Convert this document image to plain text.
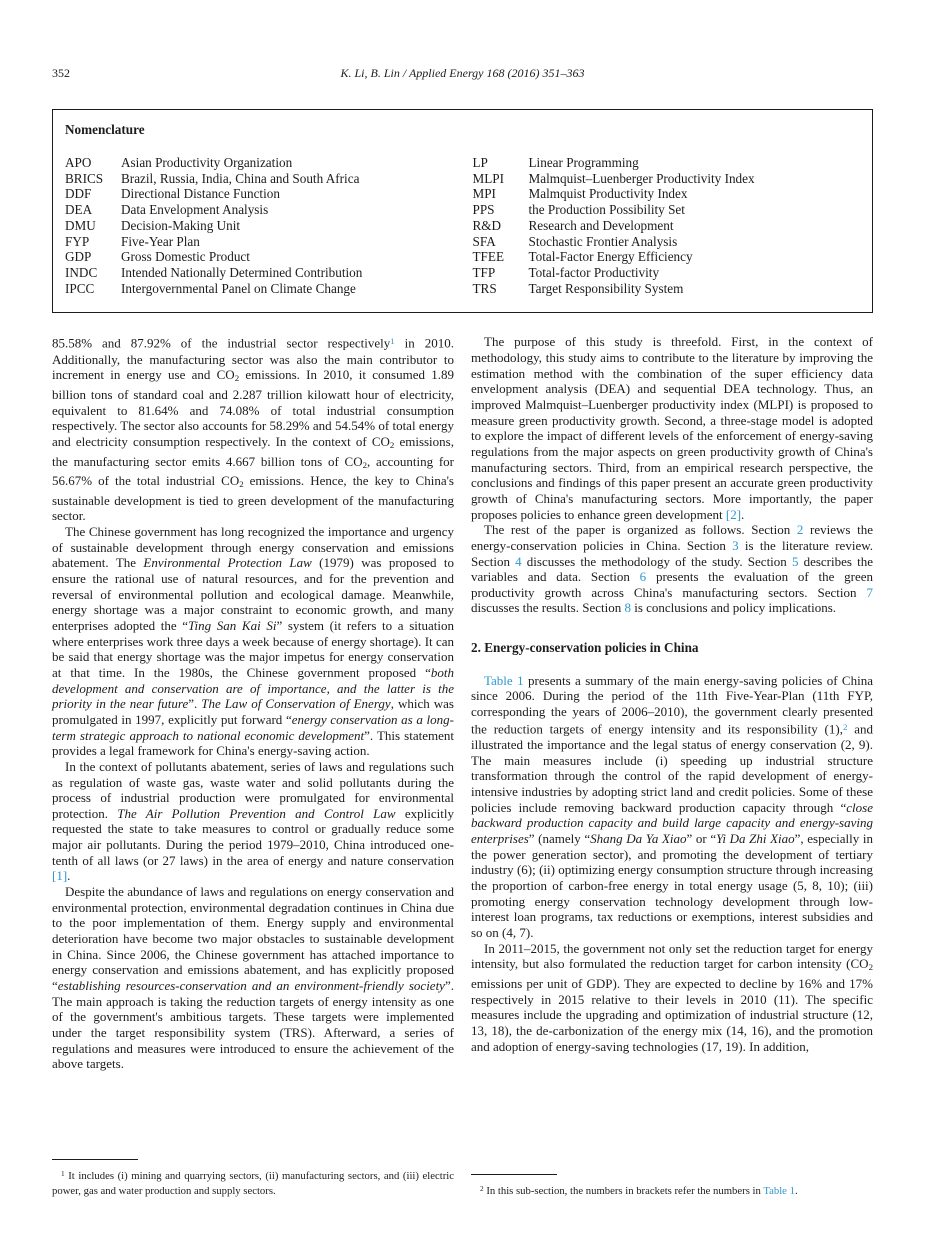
352	K. Li, B. Lin / Applied Energy 168 (2016) 351–363
Nomenclature
APO	Asian Productivity Organization
BRICS	Brazil, Russia, India, China and South Africa
DDF	Directional Distance Function
DEA	Data Envelopment Analysis
DMU	Decision-Making Unit
FYP	Five-Year Plan
GDP	Gross Domestic Product
INDC	Intended Nationally Determined Contribution
IPCC	Intergovernmental Panel on Climate Change
LP	Linear Programming
MLPI	Malmquist–Luenberger Productivity Index
MPI	Malmquist Productivity Index
PPS	the Production Possibility Set
R&D	Research and Development
SFA	Stochastic Frontier Analysis
TFEE	Total-Factor Energy Efficiency
TFP	Total-factor Productivity
TRS	Target Responsibility System

85.58% and 87.92% of the industrial sector respectively$^1$ in 2010. Additionally, the manufacturing sector was also the main contributor to increment in energy use and CO2 emissions. In 2010, it consumed 1.89 billion tons of standard coal and 2.287 trillion kilowatt hour of electricity, equivalent to 81.64% and 74.08% of total industrial consumption respectively. The sector also accounts for 58.29% and 54.54% of total energy and electricity consumption respectively. In the context of CO2 emissions, the manufacturing sector emits 4.667 billion tons of CO2, accounting for 56.67% of the total industrial CO2 emissions. Hence, the key to China's sustainable development is tied to green development of the manufacturing sector.

The Chinese government has long recognized the importance and urgency of sustainable development through energy conservation and emissions abatement. The Environmental Protection Law (1979) was proposed to ensure the rational use of natural resources, and for the prevention and reversal of environmental pollution and ecological damage. Meanwhile, energy shortage was a major constraint to economic growth, and many enterprises adopted the “Ting San Kai Si” system (it refers to a situation where enterprises work three days a week because of energy shortage). It can be said that energy shortage was the major impetus for energy conservation at that time. In the 1980s, the Chinese government proposed “both development and conservation are of importance, and the latter is the priority in the near future”. The Law of Conservation of Energy, which was promulgated in 1997, explicitly put forward “energy conservation as a long-term strategic approach to national economic development”. This statement provides a legal framework for China's energy-saving action.

In the context of pollutants abatement, series of laws and regulations such as regulation of waste gas, waste water and solid pollutants during the process of industrial production were promulgated for environmental protection. The Air Pollution Prevention and Control Law explicitly requested the state to take measures to control or gradually reduce some major air pollutants. During the period 1979–2010, China introduced one-tenth of all laws (or 27 laws) in the area of energy and nature conservation [1].

Despite the abundance of laws and regulations on energy conservation and environmental protection, environmental degradation continues in China due to the poor implementation of them. Energy supply and environmental deterioration have become two major obstacles to sustainable development in China. Since 2006, the Chinese government has attached importance to energy conservation and emissions abatement, and has explicitly proposed “establishing resources-conservation and an environment-friendly society”. The main approach is taking the reduction targets of energy intensity as one of the government's ambitious targets. These targets were implemented under the target responsibility system (TRS). Afterward, a series of regulations and measures were introduced to ensure the achievement of the above targets.

$^1$ It includes (i) mining and quarrying sectors, (ii) manufacturing sectors, and (iii) electric power, gas and water production and supply sectors.

The purpose of this study is threefold. First, in the context of methodology, this study aims to contribute to the literature by improving the estimation method with the combination of the super efficiency data envelopment analysis (DEA) and sequential DEA technology. Thus, an improved Malmquist–Luenberger productivity index (MLPI) is proposed to measure green productivity growth. Second, a three-stage model is adopted to explore the impact of different levels of the enforcement of energy-saving regulations from the major aspects on green productivity growth of China's manufacturing sectors. Third, from an empirical research perspective, the conclusions and findings of this paper present an accurate green productivity growth of China's manufacturing sectors. More importantly, the paper proposes policies to enhance green development [2].

The rest of the paper is organized as follows. Section 2 reviews the energy-conservation policies in China. Section 3 is the literature review. Section 4 discusses the methodology of the study. Section 5 describes the variables and data. Section 6 presents the evaluation of the green productivity growth across China's manufacturing sectors. Section 7 discusses the results. Section 8 is conclusions and policy implications.

2. Energy-conservation policies in China

Table 1 presents a summary of the main energy-saving policies of China since 2006. During the period of the 11th Five-Year-Plan (11th FYP, corresponding the years of 2006–2010), the government clearly presented the reduction targets of energy intensity and its responsibility (1),$^2$ and illustrated the importance and the legal status of energy conservation (2, 9). The main measures include (i) speeding up industrial structure transformation through the control of the rapid development of energy-intensive industries by adopting strict land and credit policies. Some of these policies include removing backward production capacity through “close backward production capacity and build large capacity and energy-saving enterprises” (namely “Shang Da Ya Xiao” or “Yi Da Zhi Xiao”, especially in the power generation sector), and promoting the development of tertiary industry (6); (ii) optimizing energy consumption structure through increasing the proportion of carbon-free energy in total energy usage (5, 8, 10); (iii) promoting energy conservation technology development through low-interest loan programs, tax reductions or exemptions, interest subsidies and so on (4, 7).

In 2011–2015, the government not only set the reduction target for energy intensity, but also formulated the reduction target for carbon intensity (CO2 emissions per unit of GDP). They are expected to decline by 16% and 17% respectively in 2015 relative to their levels in 2010 (11). The specific measures include the upgrading and optimization of industrial structure (12, 13, 18), the de-carbonization of the energy mix (14, 16), and the promotion and adoption of energy-saving technologies (17, 19). In addition,

$^2$ In this sub-section, the numbers in brackets refer the numbers in Table 1.
